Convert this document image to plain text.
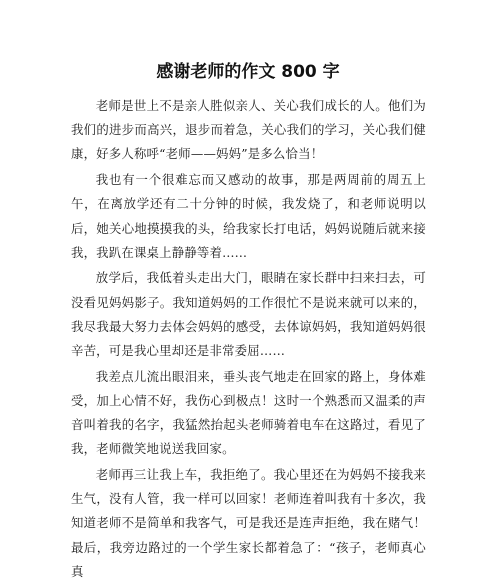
感谢老师的作文 800 字

老师是世上不是亲人胜似亲人、关心我们成长的人。他们为我们的进步而高兴，退步而着急，关心我们的学习，关心我们健康，好多人称呼“老师——妈妈”是多么恰当！

我也有一个很难忘而又感动的故事，那是两周前的周五上午，在离放学还有二十分钟的时候，我发烧了，和老师说明以后，她关心地摸摸我的头，给我家长打电话，妈妈说随后就来接我，我趴在课桌上静静等着……

放学后，我低着头走出大门，眼睛在家长群中扫来扫去，可没看见妈妈影子。我知道妈妈的工作很忙不是说来就可以来的，我尽我最大努力去体会妈妈的感受，去体谅妈妈，我知道妈妈很辛苦，可是我心里却还是非常委屈……

我差点儿流出眼泪来，垂头丧气地走在回家的路上，身体难受，加上心情不好，我伤心到极点！这时一个熟悉而又温柔的声音叫着我的名字，我猛然抬起头老师骑着电车在这路过，看见了我，老师微笑地说送我回家。

老师再三让我上车，我拒绝了。我心里还在为妈妈不接我来生气，没有人管，我一样可以回家！老师连着叫我有十多次，我知道老师不是简单和我客气，可是我还是连声拒绝，我在赌气！最后，我旁边路过的一个学生家长都着急了：“孩子，老师真心真
